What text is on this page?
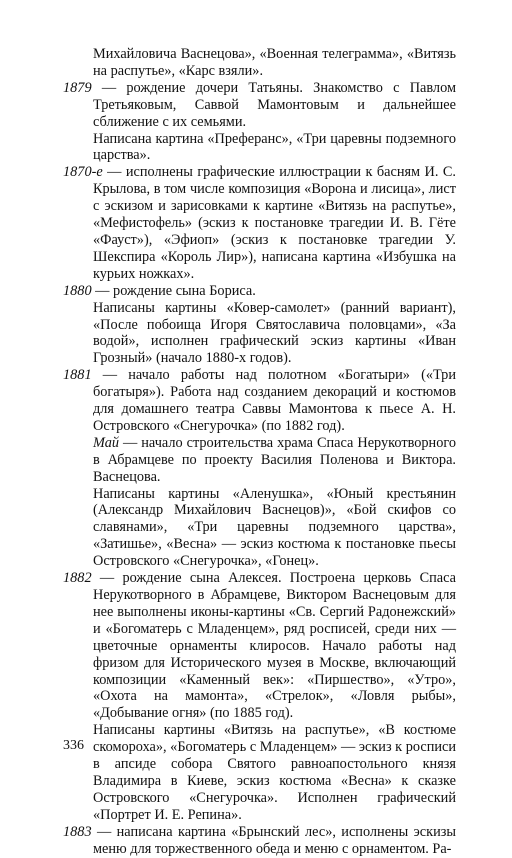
Михайловича Васнецова», «Военная телеграмма», «Витязь на распутье», «Карс взяли».

1879 — рождение дочери Татьяны. Знакомство с Павлом Третьяковым, Саввой Мамонтовым и дальнейшее сближение с их семьями.

Написана картина «Преферанс», «Три царевны подземного царства».

1870-е — исполнены графические иллюстрации к басням И. С. Крылова, в том числе композиция «Ворона и лисица», лист с эскизом и зарисовками к картине «Витязь на распутье», «Мефистофель» (эскиз к постановке трагедии И. В. Гёте «Фауст»), «Эфиоп» (эскиз к постановке трагедии У. Шекспира «Король Лир»), написана картина «Избушка на курьих ножках».

1880 — рождение сына Бориса.

Написаны картины «Ковер-самолет» (ранний вариант), «После побоища Игоря Святославича половцами», «За водой», исполнен графический эскиз картины «Иван Грозный» (начало 1880-х годов).

1881 — начало работы над полотном «Богатыри» («Три богатыря»). Работа над созданием декораций и костюмов для домашнего театра Саввы Мамонтова к пьесе А. Н. Островского «Снегурочка» (по 1882 год).

Май — начало строительства храма Спаса Нерукотворного в Абрамцеве по проекту Василия Поленова и Виктора. Васнецова.

Написаны картины «Аленушка», «Юный крестьянин (Александр Михайлович Васнецов)», «Бой скифов со славянами», «Три царевны подземного царства», «Затишье», «Весна» — эскиз костюма к постановке пьесы Островского «Снегурочка», «Гонец».

1882 — рождение сына Алексея. Построена церковь Спаса Нерукотворного в Абрамцеве, Виктором Васнецовым для нее выполнены иконы-картины «Св. Сергий Радонежский» и «Богоматерь с Младенцем», ряд росписей, среди них — цветочные орнаменты клиросов. Начало работы над фризом для Исторического музея в Москве, включающий композиции «Каменный век»: «Пиршество», «Утро», «Охота на мамонта», «Стрелок», «Ловля рыбы», «Добывание огня» (по 1885 год).

Написаны картины «Витязь на распутье», «В костюме скомороха», «Богоматерь с Младенцем» — эскиз к росписи в апсиде собора Святого равноапостольного князя Владимира в Киеве, эскиз костюма «Весна» к сказке Островского «Снегурочка». Исполнен графический «Портрет И. Е. Репина».

1883 — написана картина «Брынский лес», исполнены эскизы меню для торжественного обеда и меню с орнаментом. Ра-

336
